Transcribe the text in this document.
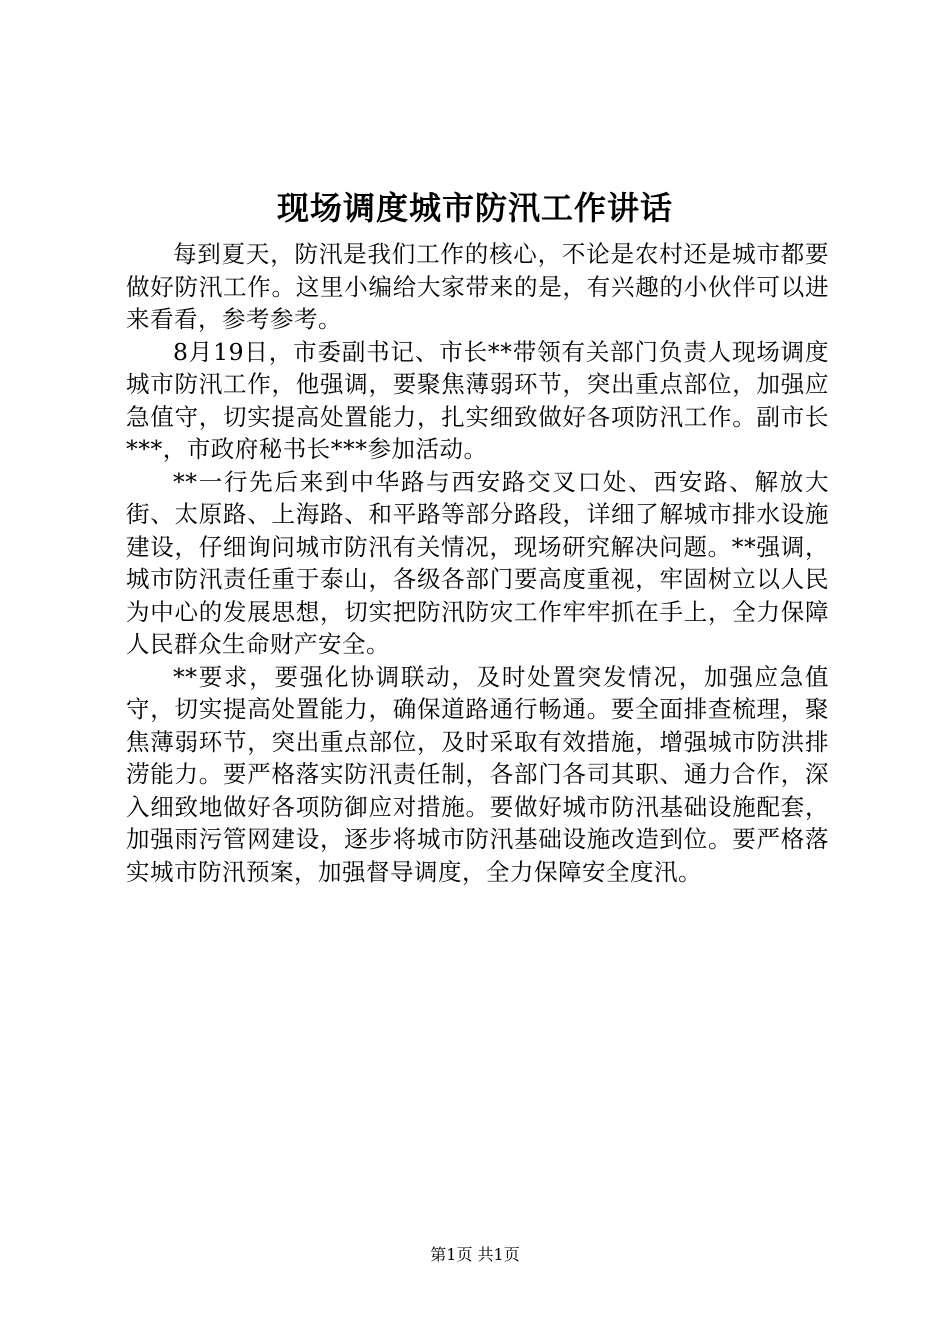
现场调度城市防汛工作讲话

每到夏天，防汛是我们工作的核心，不论是农村还是城市都要做好防汛工作。这里小编给大家带来的是，有兴趣的小伙伴可以进来看看，参考参考。

8月19日，市委副书记、市长**带领有关部门负责人现场调度城市防汛工作，他强调，要聚焦薄弱环节，突出重点部位，加强应急值守，切实提高处置能力，扎实细致做好各项防汛工作。副市长***，市政府秘书长***参加活动。

**一行先后来到中华路与西安路交叉口处、西安路、解放大街、太原路、上海路、和平路等部分路段，详细了解城市排水设施建设，仔细询问城市防汛有关情况，现场研究解决问题。**强调，城市防汛责任重于泰山，各级各部门要高度重视，牢固树立以人民为中心的发展思想，切实把防汛防灾工作牢牢抓在手上，全力保障人民群众生命财产安全。

**要求，要强化协调联动，及时处置突发情况，加强应急值守，切实提高处置能力，确保道路通行畅通。要全面排查梳理，聚焦薄弱环节，突出重点部位，及时采取有效措施，增强城市防洪排涝能力。要严格落实防汛责任制，各部门各司其职、通力合作，深入细致地做好各项防御应对措施。要做好城市防汛基础设施配套，加强雨污管网建设，逐步将城市防汛基础设施改造到位。要严格落实城市防汛预案，加强督导调度，全力保障安全度汛。

第1页 共1页
